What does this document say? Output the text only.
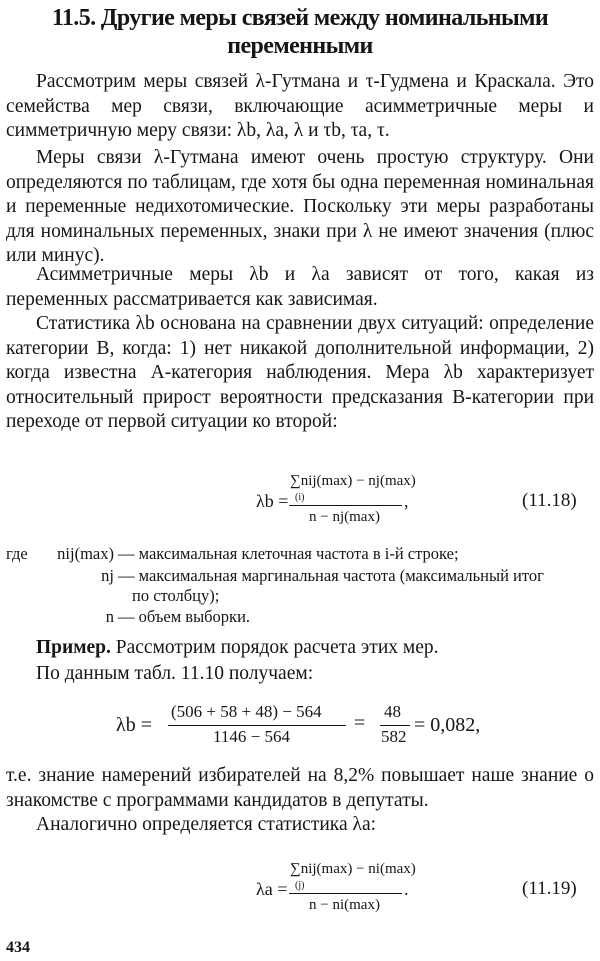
11.5. Другие меры связей между номинальными переменными

Рассмотрим меры связей λ-Гутмана и τ-Гудмена и Краскала. Это семейства мер связи, включающие асимметричные меры и симметричную меру связи: λb, λa, λ и τb, τa, τ.

Меры связи λ-Гутмана имеют очень простую структуру. Они определяются по таблицам, где хотя бы одна переменная номинальная и переменные недихотомические. Поскольку эти меры разработаны для номинальных переменных, знаки при λ не имеют значения (плюс или минус).

Асимметричные меры λb и λa зависят от того, какая из переменных рассматривается как зависимая.

Статистика λb основана на сравнении двух ситуаций: определение категории B, когда: 1) нет никакой дополнительной информации, 2) когда известна A-категория наблюдения. Мера λb характеризует относительный прирост вероятности предсказания B-категории при переходе от первой ситуации ко второй:

λb =
∑nij(max) − nj(max)
(i)
n − nj(max)
,	(11.18)
где	nij(max) — максимальная клеточная частота в i-й строке;
nj — максимальная маргинальная частота (максимальный итог
по столбцу);
n — объем выборки.
Пример. Рассмотрим порядок расчета этих мер.
По данным табл. 11.10 получаем:
λb =
(506 + 58 + 48) − 564
1146 − 564
=
48
582
= 0,082,

т.е. знание намерений избирателей на 8,2% повышает наше знание о знакомстве с программами кандидатов в депутаты.

Аналогично определяется статистика λa:

λa =
∑nij(max) − ni(max)
(j)
n − ni(max)
.	(11.19)
434
